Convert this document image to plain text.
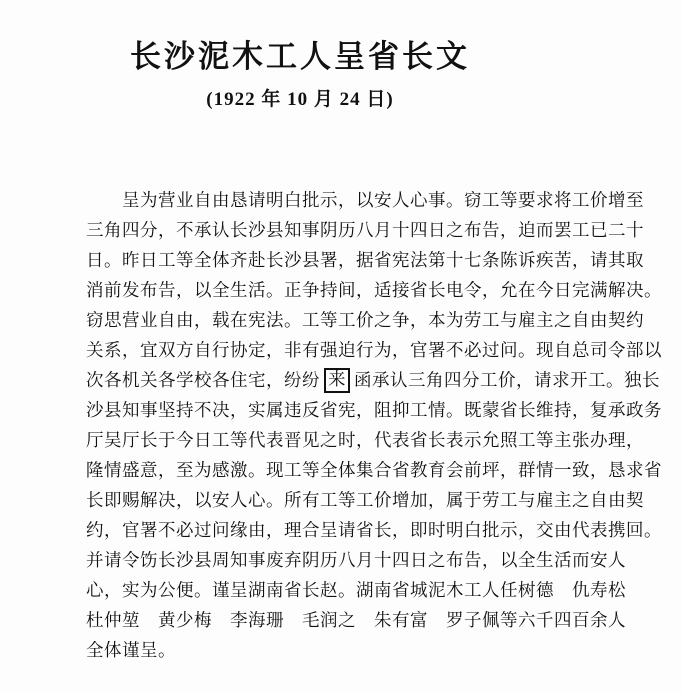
长沙泥木工人呈省长文
(1922 年 10 月 24 日)

呈为营业自由恳请明白批示，以安人心事。窃工等要求将工价增至

三角四分，不承认长沙县知事阴历八月十四日之布告，迫而罢工已二十

日。昨日工等全体齐赴长沙县署，据省宪法第十七条陈诉疾苦，请其取

消前发布告，以全生活。正争持间，适接省长电令，允在今日完满解决。

窃思营业自由，载在宪法。工等工价之争，本为劳工与雇主之自由契约

关系，宜双方自行协定，非有强迫行为，官署不必过问。现自总司令部以

次各机关各学校各住宅，纷纷 来 函承认三角四分工价，请求开工。独长

沙县知事坚持不决，实属违反省宪，阻抑工情。既蒙省长维持，复承政务

厅吴厅长于今日工等代表晋见之时，代表省长表示允照工等主张办理，

隆情盛意，至为感激。现工等全体集合省教育会前坪，群情一致，恳求省

长即赐解决，以安人心。所有工等工价增加，属于劳工与雇主之自由契

约，官署不必过问缘由，理合呈请省长，即时明白批示，交由代表携回。

并请令饬长沙县周知事废弃阴历八月十四日之布告，以全生活而安人

心，实为公便。谨呈湖南省长赵。湖南省城泥木工人任树德　仇寿松

杜仲堃　黄少梅　李海珊　毛润之　朱有富　罗子佩等六千四百余人

全体谨呈。
